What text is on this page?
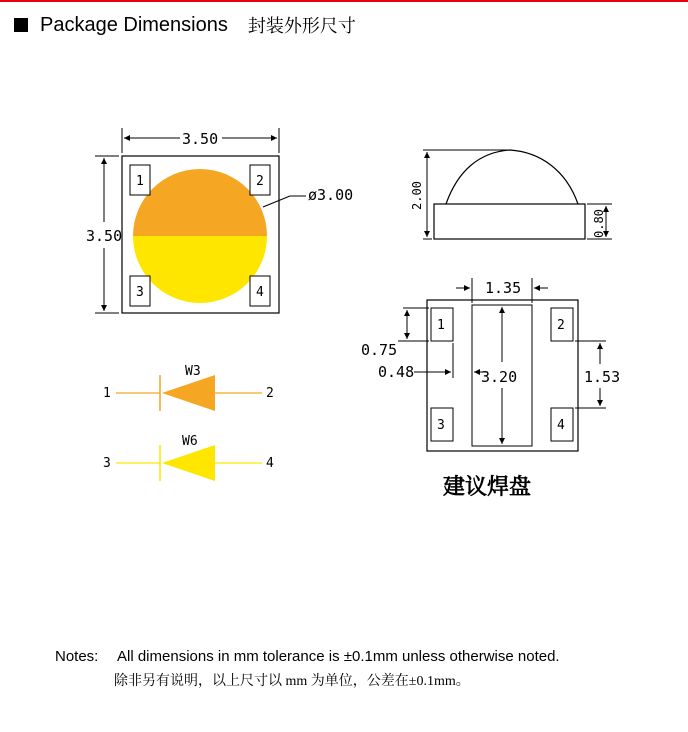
Package Dimensions 封装外形尺寸
1	2
3	4
3.50
3.50
ø3.00	2.00
0.80
1	2
3	4
1.35
0.75
0.48	3.20	1.53
建议焊盘
1	2
W3
3	4
W6
Notes:	All dimensions in mm tolerance is ±0.1mm unless otherwise noted.
除非另有说明，以上尺寸以 mm 为单位，公差在±0.1mm。
